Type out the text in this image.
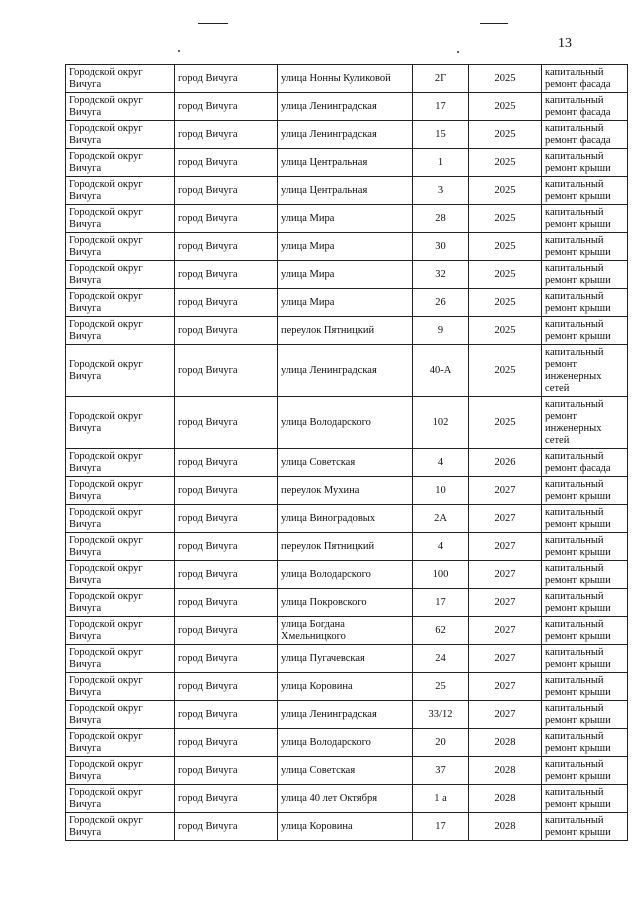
13
Городской округ Вичуга	город Вичуга	улица Нонны Куликовой	2Г	2025	капитальный ремонт фасада
Городской округ Вичуга	город Вичуга	улица Ленинградская	17	2025	капитальный ремонт фасада
Городской округ Вичуга	город Вичуга	улица Ленинградская	15	2025	капитальный ремонт фасада
Городской округ Вичуга	город Вичуга	улица Центральная	1	2025	капитальный ремонт крыши
Городской округ Вичуга	город Вичуга	улица Центральная	3	2025	капитальный ремонт крыши
Городской округ Вичуга	город Вичуга	улица Мира	28	2025	капитальный ремонт крыши
Городской округ Вичуга	город Вичуга	улица Мира	30	2025	капитальный ремонт крыши
Городской округ Вичуга	город Вичуга	улица Мира	32	2025	капитальный ремонт крыши
Городской округ Вичуга	город Вичуга	улица Мира	26	2025	капитальный ремонт крыши
Городской округ Вичуга	город Вичуга	переулок Пятницкий	9	2025	капитальный ремонт крыши
Городской округ Вичуга	город Вичуга	улица Ленинградская	40-А	2025	капитальный ремонт инженерных сетей
Городской округ Вичуга	город Вичуга	улица Володарского	102	2025	капитальный ремонт инженерных сетей
Городской округ Вичуга	город Вичуга	улица Советская	4	2026	капитальный ремонт фасада
Городской округ Вичуга	город Вичуга	переулок Мухина	10	2027	капитальный ремонт крыши
Городской округ Вичуга	город Вичуга	улица Виноградовых	2А	2027	капитальный ремонт крыши
Городской округ Вичуга	город Вичуга	переулок Пятницкий	4	2027	капитальный ремонт крыши
Городской округ Вичуга	город Вичуга	улица Володарского	100	2027	капитальный ремонт крыши
Городской округ Вичуга	город Вичуга	улица Покровского	17	2027	капитальный ремонт крыши
Городской округ Вичуга	город Вичуга	улица Богдана Хмельницкого	62	2027	капитальный ремонт крыши
Городской округ Вичуга	город Вичуга	улица Пугачевская	24	2027	капитальный ремонт крыши
Городской округ Вичуга	город Вичуга	улица Коровина	25	2027	капитальный ремонт крыши
Городской округ Вичуга	город Вичуга	улица Ленинградская	33/12	2027	капитальный ремонт крыши
Городской округ Вичуга	город Вичуга	улица Володарского	20	2028	капитальный ремонт крыши
Городской округ Вичуга	город Вичуга	улица Советская	37	2028	капитальный ремонт крыши
Городской округ Вичуга	город Вичуга	улица 40 лет Октября	1 а	2028	капитальный ремонт крыши
Городской округ Вичуга	город Вичуга	улица Коровина	17	2028	капитальный ремонт крыши
